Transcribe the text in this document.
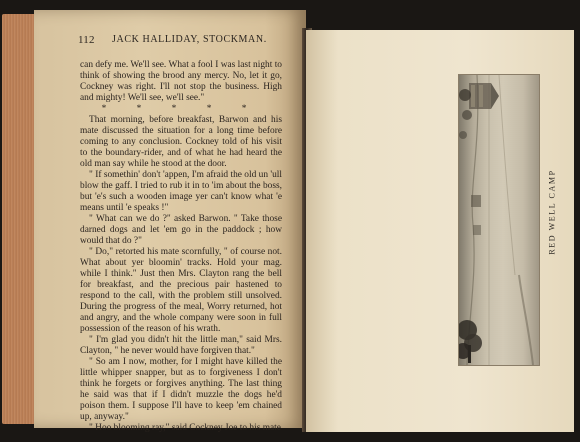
112 JACK HALLIDAY, STOCKMAN.

can defy me. We'll see. What a fool I was last night to think of showing the brood any mercy. No, let it go, Cockney was right. I'll not stop the business. High and mighty! We'll see, we'll see."

* * * * *

That morning, before breakfast, Barwon and his mate discussed the situation for a long time before coming to any conclusion. Cockney told of his visit to the boundary-rider, and of what he had heard the old man say while he stood at the door.

" If somethin' don't 'appen, I'm afraid the old un 'ull blow the gaff. I tried to rub it in to 'im about the boss, but 'e's such a wooden image yer can't know what 'e means until 'e speaks !"

" What can we do ?" asked Barwon. " Take those darned dogs and let 'em go in the paddock ; how would that do ?"

" Do," retorted his mate scornfully, " of course not. What about yer bloomin' tracks. Hold your mag. while I think." Just then Mrs. Clayton rang the bell for breakfast, and the precious pair hastened to respond to the call, with the problem still unsolved. During the progress of the meal, Worry returned, hot and angry, and the whole company were soon in full possession of the reason of his wrath.

" I'm glad you didn't hit the little man," said Mrs. Clayton, " he never would have forgiven that."

" So am I now, mother, for I might have killed the little whipper snapper, but as to forgiveness I don't think he forgets or forgives anything. The last thing he said was that if I didn't muzzle the dogs he'd poison them. I suppose I'll have to keep 'em chained up, anyway."

" Hoo blooming ray," said Cockney Joe to his mate

RED WELL CAMP
